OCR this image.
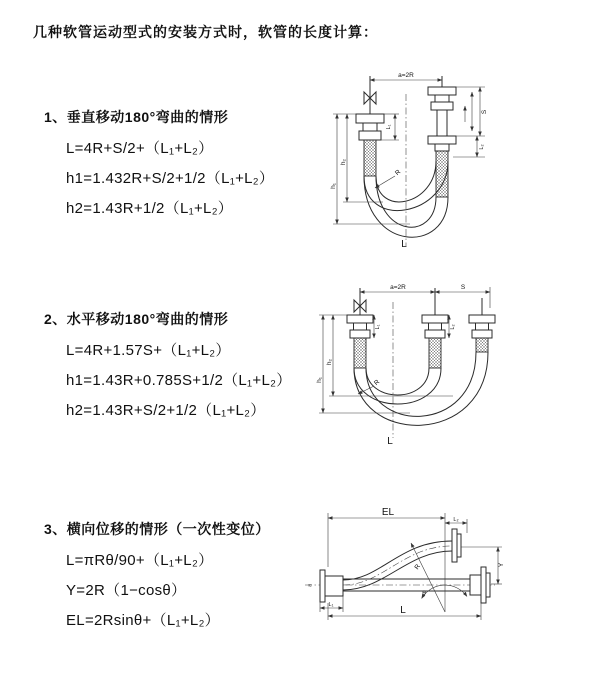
几种软管运动型式的安装方式时，软管的长度计算：
1、垂直移动180°弯曲的情形
L=4R+S/2+（L₁+L₂）
h1=1.432R+S/2+1/2（L₁+L₂）
h2=1.43R+1/2（L₁+L₂）
2、水平移动180°弯曲的情形
L=4R+1.57S+（L₁+L₂）
h1=1.43R+0.785S+1/2（L₁+L₂）
h2=1.43R+S/2+1/2（L₁+L₂）
3、横向位移的情形（一次性变位）
L=πRθ/90+（L₁+L₂）
Y=2R（1−cosθ）
EL=2Rsinθ+（L₁+L₂）
a=2R
h₁
h₂
L₁
S
L₂
R
L
a=2R	S
h₁
h₂
L₁	L₂
R
L
≈
EL
L₂
Y
R
θ
L₁	L
